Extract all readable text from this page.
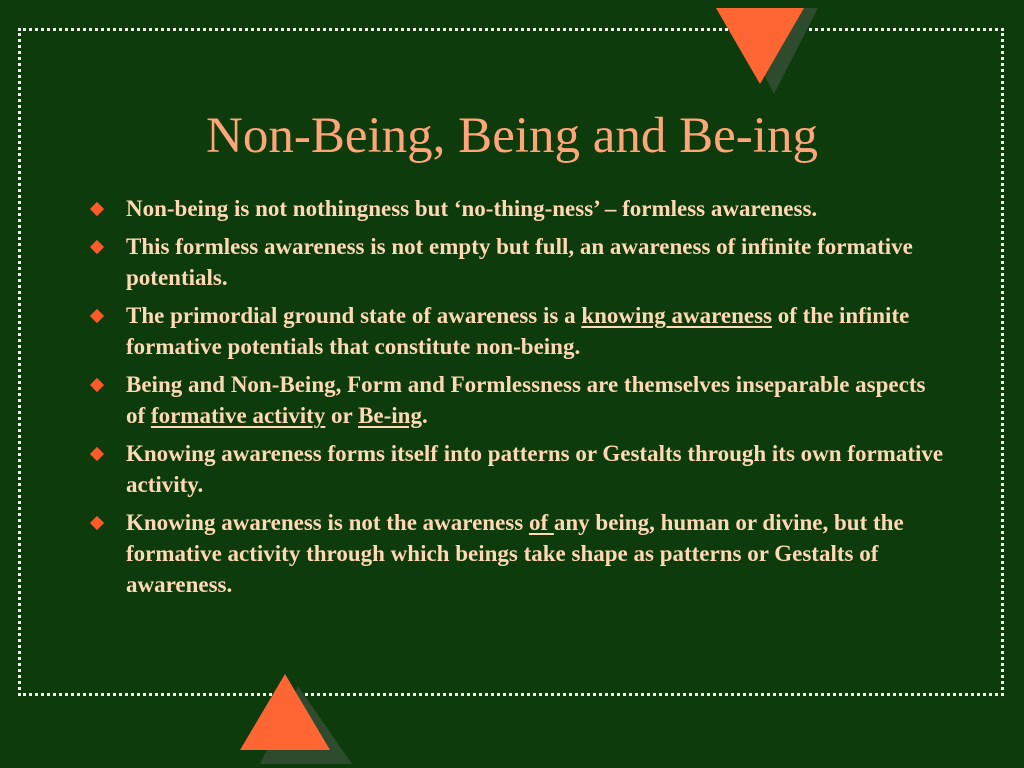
Non-Being, Being and Be-ing
Non-being is not nothingness but ‘no-thing-ness’ – formless awareness.
This formless awareness is not empty but full, an awareness of infinite formative potentials.
The primordial ground state of awareness is a knowing awareness of the infinite formative potentials that constitute non-being.
Being and Non-Being, Form and Formlessness are themselves inseparable aspects of formative activity or Be-ing.
Knowing awareness forms itself into patterns or Gestalts through its own formative activity.
Knowing awareness is not the awareness of any being, human or divine, but the formative activity through which beings take shape as patterns or Gestalts of awareness.
